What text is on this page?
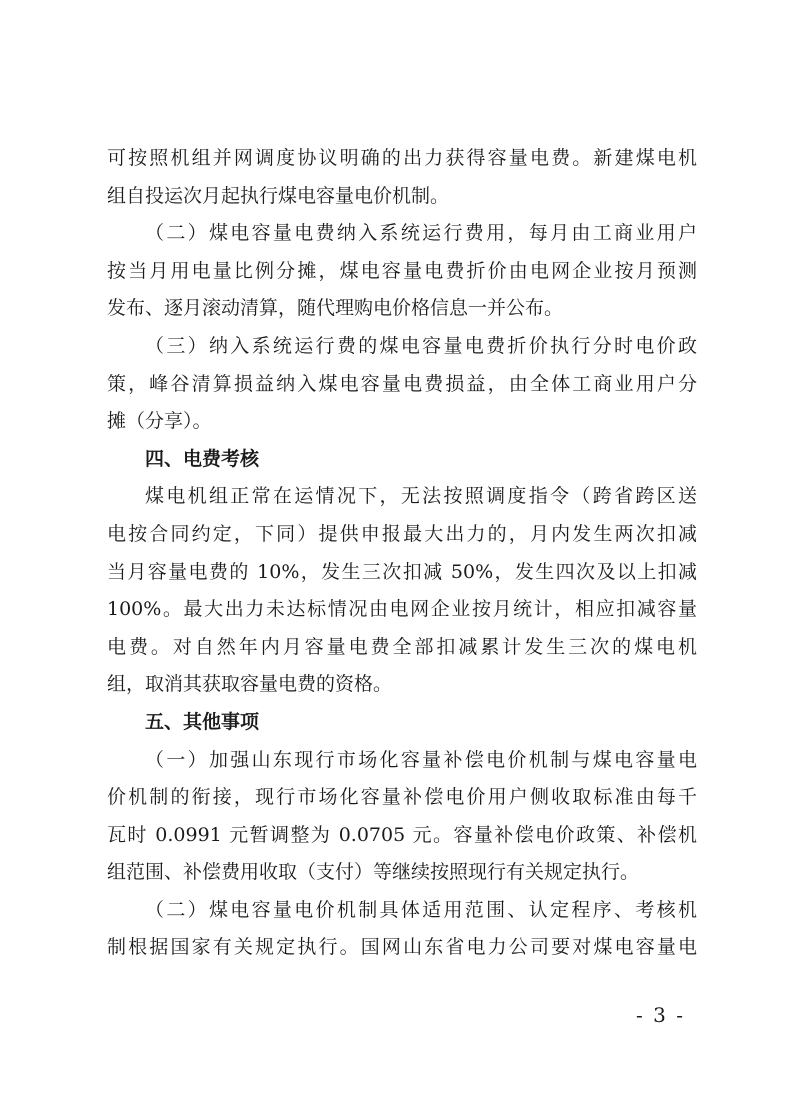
可按照机组并网调度协议明确的出力获得容量电费。新建煤电机
组自投运次月起执行煤电容量电价机制。
（二）煤电容量电费纳入系统运行费用，每月由工商业用户
按当月用电量比例分摊，煤电容量电费折价由电网企业按月预测
发布、逐月滚动清算，随代理购电价格信息一并公布。
（三）纳入系统运行费的煤电容量电费折价执行分时电价政
策，峰谷清算损益纳入煤电容量电费损益，由全体工商业用户分
摊（分享）。
四、电费考核
煤电机组正常在运情况下，无法按照调度指令（跨省跨区送
电按合同约定，下同）提供申报最大出力的，月内发生两次扣减
当月容量电费的 10%，发生三次扣减 50%，发生四次及以上扣减
100%。最大出力未达标情况由电网企业按月统计，相应扣减容量
电费。对自然年内月容量电费全部扣减累计发生三次的煤电机
组，取消其获取容量电费的资格。
五、其他事项
（一）加强山东现行市场化容量补偿电价机制与煤电容量电
价机制的衔接，现行市场化容量补偿电价用户侧收取标准由每千
瓦时 0.0991 元暂调整为 0.0705 元。容量补偿电价政策、补偿机
组范围、补偿费用收取（支付）等继续按照现行有关规定执行。
（二）煤电容量电价机制具体适用范围、认定程序、考核机
制根据国家有关规定执行。国网山东省电力公司要对煤电容量电
- 3 -
